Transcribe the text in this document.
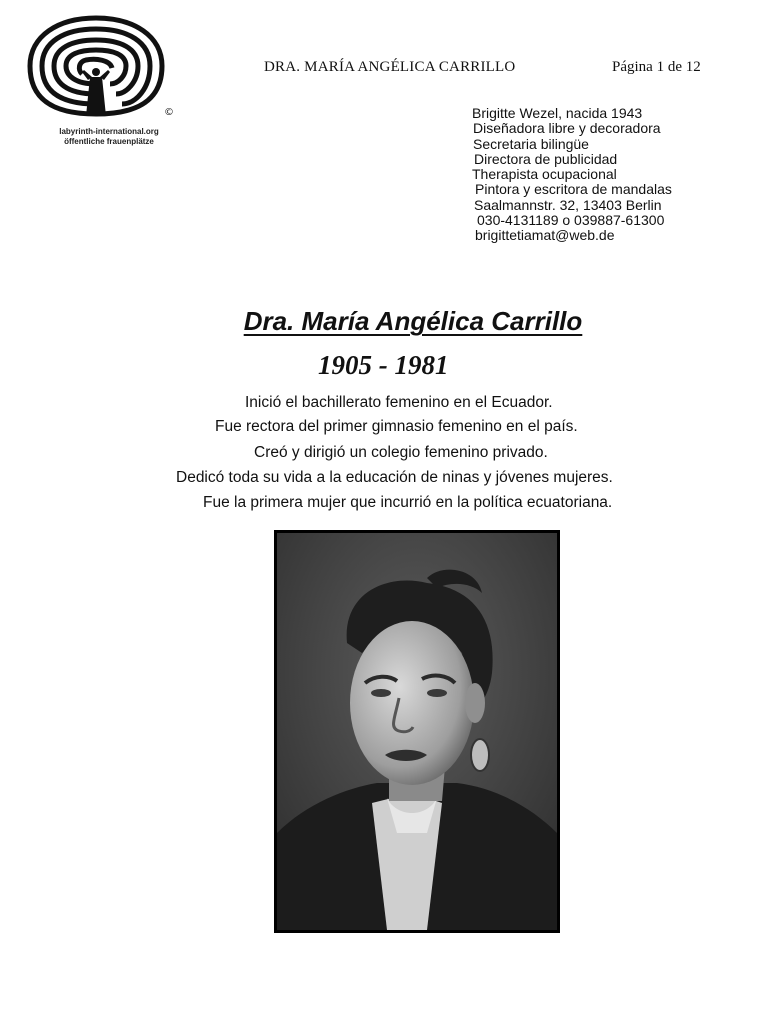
©
labyrinth-international.org
öffentliche frauenplätze
DRA. MARÍA ANGÉLICA CARRILLO	Página 1 de 12
Brigitte Wezel, nacida 1943
Diseñadora libre y decoradora
Secretaria bilingüe
Directora de publicidad
Therapista ocupacional
Pintora y escritora de mandalas
Saalmannstr. 32, 13403 Berlin
030-4131189 o 039887-61300
brigittetiamat@web.de
Dra. María Angélica Carrillo
1905 - 1981
Inició el bachillerato femenino en el Ecuador.
Fue rectora del primer gimnasio femenino en el país.
Creó y dirigió un colegio femenino privado.
Dedicó toda su vida a la educación de ninas y jóvenes mujeres.
Fue la primera mujer que incurrió en la política ecuatoriana.
